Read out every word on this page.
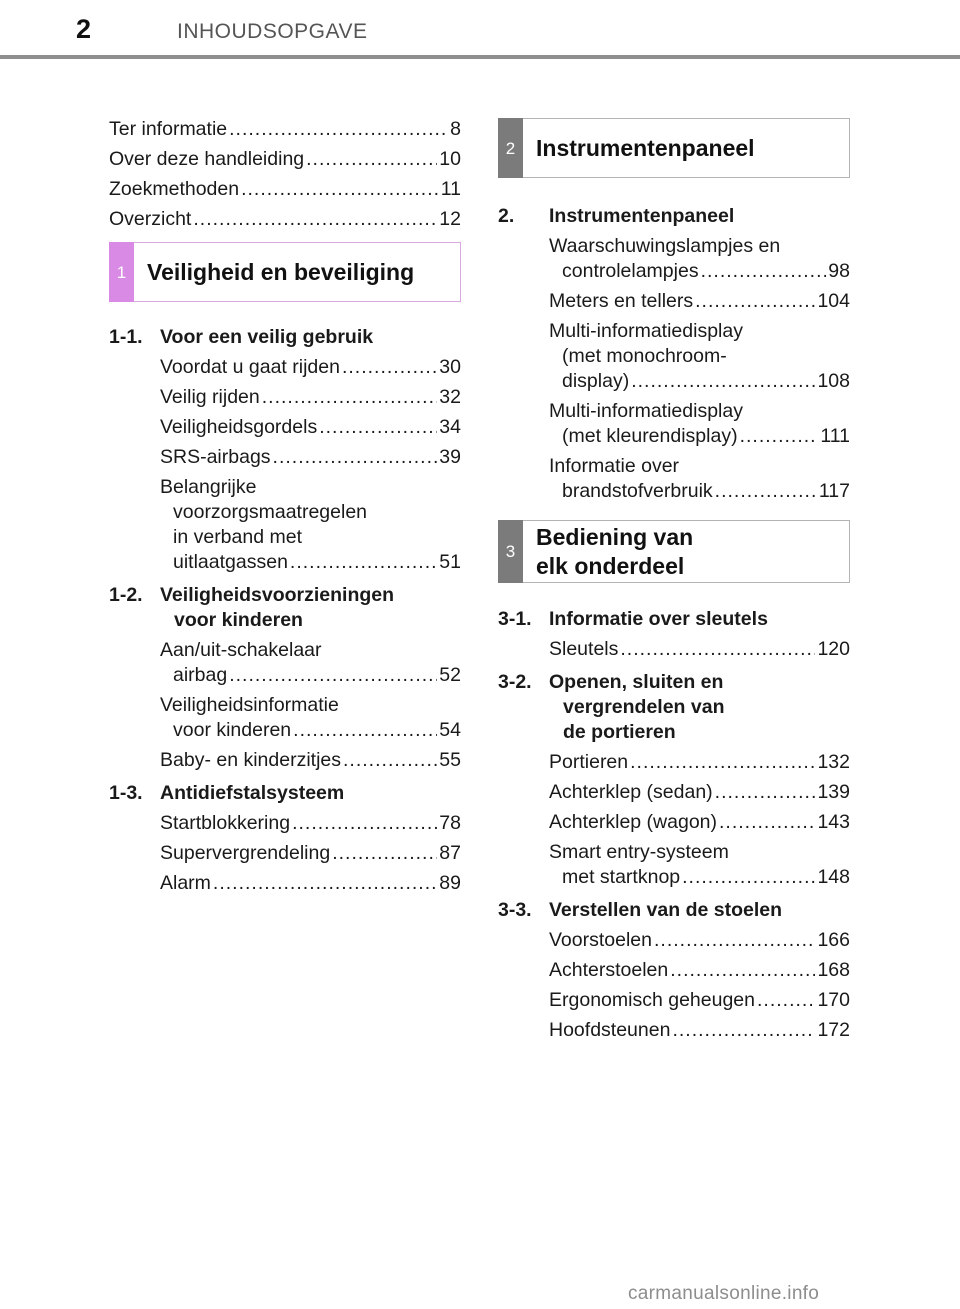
2	INHOUDSOPGAVE
Ter informatie .....	8
Over deze handleiding .....	10
Zoekmethoden .....	11
Overzicht .....	12
1 Veiligheid en beveiliging
1-1. Voor een veilig gebruik
Voordat u gaat rijden .....	30
Veilig rijden .....	32
Veiligheidsgordels .....	34
SRS-airbags .....	39
Belangrijke
voorzorgsmaatregelen
in verband met
uitlaatgassen .....	51
1-2. Veiligheidsvoorzieningen
voor kinderen
Aan/uit-schakelaar
airbag .....	52
Veiligheidsinformatie
voor kinderen .....	54
Baby- en kinderzitjes .....	55
1-3. Antidiefstalsysteem
Startblokkering .....	78
Supervergrendeling .....	87
Alarm .....	89
2 Instrumentenpaneel
2.	Instrumentenpaneel
Waarschuwingslampjes en
controlelampjes .....	98
Meters en tellers .....	104
Multi-informatiedisplay
(met monochroom-
display) .....	108
Multi-informatiedisplay
(met kleurendisplay) .....	111
Informatie over
brandstofverbruik .....	117
3
Bediening van
elk onderdeel
3-1. Informatie over sleutels
Sleutels .....	120
3-2. Openen, sluiten en
vergrendelen van
de portieren
Portieren .....	132
Achterklep (sedan) .....	139
Achterklep (wagon) .....	143
Smart entry-systeem
met startknop .....	148
3-3. Verstellen van de stoelen
Voorstoelen .....	166
Achterstoelen .....	168
Ergonomisch geheugen .....	170
Hoofdsteunen .....	172
carmanualsonline.info
